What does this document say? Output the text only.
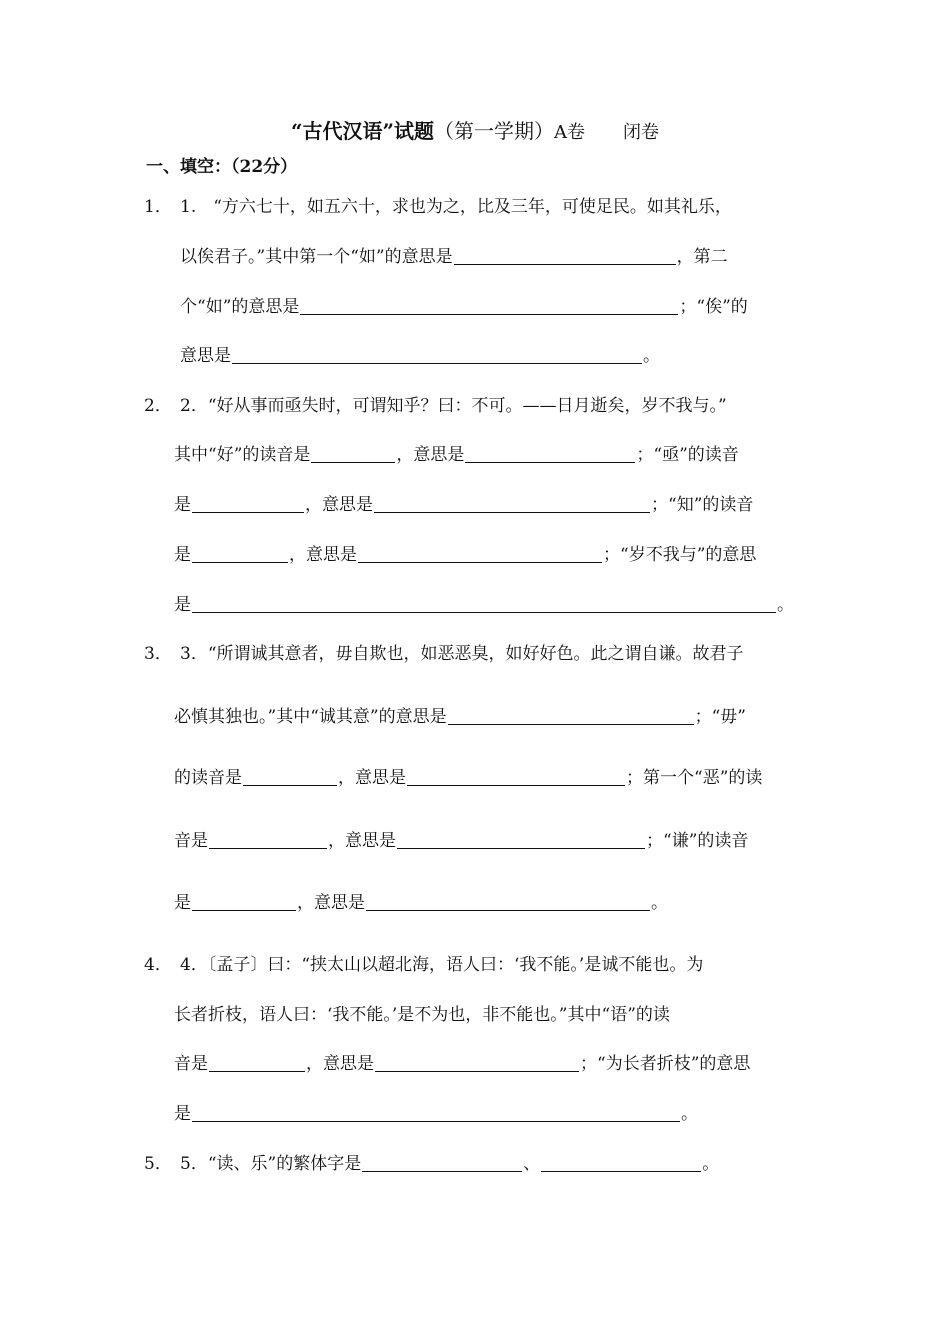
“古代汉语”试题（第一学期）A卷 闭卷
一、填空：（22分）
1． 1.　“方六七十，如五六十，求也为之，比及三年，可使足民。如其礼乐，
以俟君子。”其中第一个“如”的意思是	，第二
个“如”的意思是	；“俟”的
意思是	。
2． 2．“好从事而亟失时，可谓知乎？曰：不可。——日月逝矣，岁不我与。”
其中“好”的读音是	，意思是	；“亟”的读音
是	，意思是	；“知”的读音
是	，意思是	；“岁不我与”的意思
是	。
3． 3．“所谓诚其意者，毋自欺也，如恶恶臭，如好好色。此之谓自谦。故君子
必慎其独也。”其中“诚其意”的意思是	；“毋”
的读音是	，意思是	；第一个“恶”的读
音是	，意思是	；“谦”的读音
是	，意思是	。
4． 4．〔孟子〕曰：“挟太山以超北海，语人曰：‘我不能。’是诚不能也。为
长者折枝，语人曰：‘我不能。’是不为也，非不能也。”其中“语”的读
音是	，意思是	；“为长者折枝”的意思
是	。
5． 5．“读、乐”的繁体字是	、	。
